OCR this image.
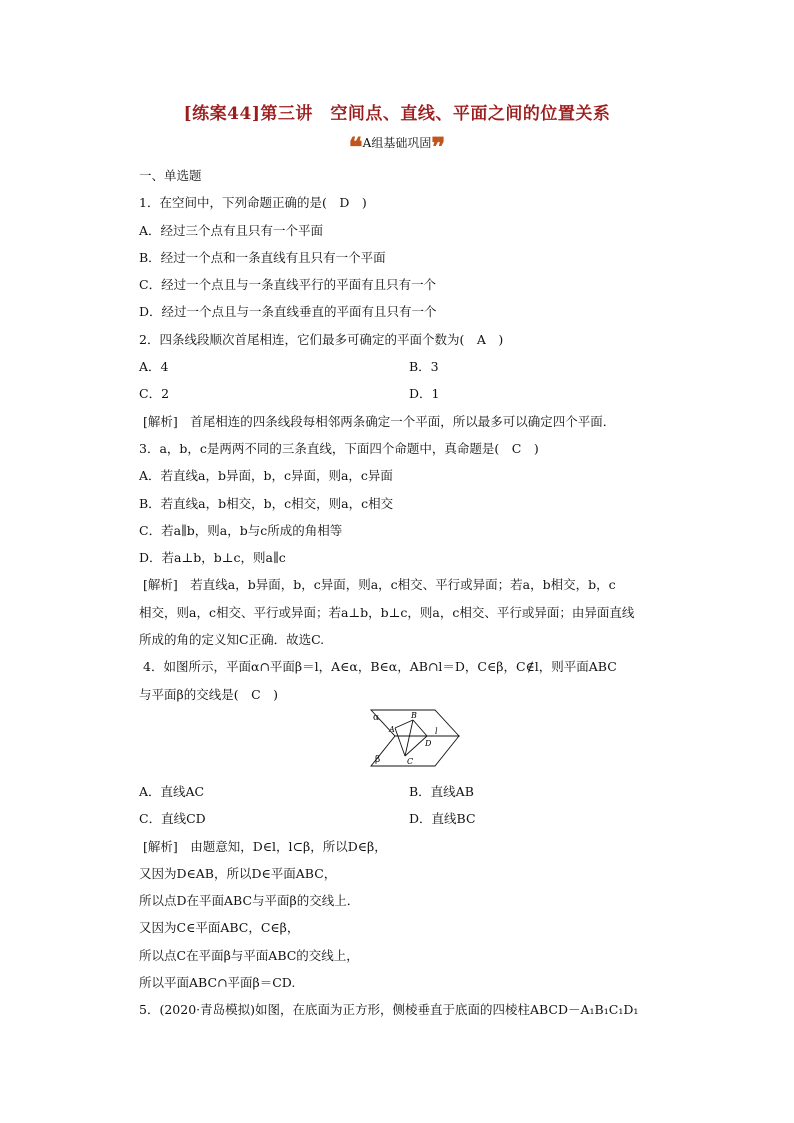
[练案44]第三讲　空间点、直线、平面之间的位置关系
❝A组基础巩固❞
一、单选题
1．在空间中，下列命题正确的是(　D　)
A．经过三个点有且只有一个平面
B．经过一个点和一条直线有且只有一个平面
C．经过一个点且与一条直线平行的平面有且只有一个
D．经过一个点且与一条直线垂直的平面有且只有一个
2．四条线段顺次首尾相连，它们最多可确定的平面个数为(　A　)
A．4	B．3
C．2	D．1
[解析]　首尾相连的四条线段每相邻两条确定一个平面，所以最多可以确定四个平面．
3．a，b，c是两两不同的三条直线，下面四个命题中，真命题是(　C　)
A．若直线a，b异面，b，c异面，则a，c异面
B．若直线a，b相交，b，c相交，则a，c相交
C．若a∥b，则a，b与c所成的角相等
D．若a⊥b，b⊥c，则a∥c
[解析]　若直线a，b异面，b，c异面，则a，c相交、平行或异面；若a，b相交，b，c
相交，则a，c相交、平行或异面；若a⊥b，b⊥c，则a，c相交、平行或异面；由异面直线
所成的角的定义知C正确．故选C.
4．如图所示，平面α∩平面β＝l，A∈α，B∈α，AB∩l＝D，C∈β，C∉l，则平面ABC
与平面β的交线是(　C　)
α
β
A
B
C
D
l
A．直线AC	B．直线AB
C．直线CD	D．直线BC
[解析]　由题意知，D∈l，l⊂β，所以D∈β，
又因为D∈AB，所以D∈平面ABC，
所以点D在平面ABC与平面β的交线上．
又因为C∈平面ABC，C∈β，
所以点C在平面β与平面ABC的交线上，
所以平面ABC∩平面β＝CD.
5．(2020·青岛模拟)如图，在底面为正方形，侧棱垂直于底面的四棱柱ABCD－A₁B₁C₁D₁
